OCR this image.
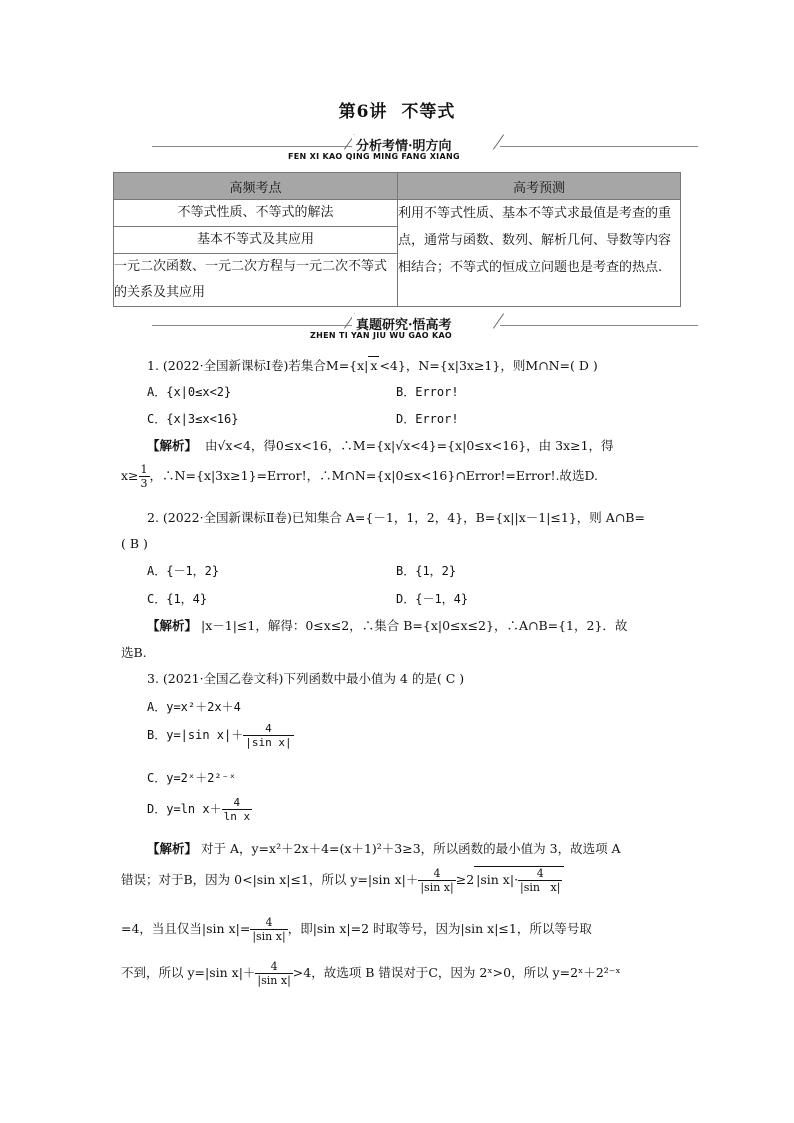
第6讲 不等式
分析考情·明方向
FEN XI KAO QING MING FANG XIANG
高频考点	高考预测
不等式性质、不等式的解法	利用不等式性质、基本不等式求最值是考查的重点，通常与函数、数列、解析几何、导数等内容相结合；不等式的恒成立问题也是考查的热点.
基本不等式及其应用	
一元二次函数、一元二次方程与一元二次不等式的关系及其应用	
真题研究·悟高考
ZHEN TI YAN JIU WU GAO KAO
1. (2022·全国新课标Ⅰ卷)若集合M={x| x <4}，N={x|3x≥1}，则M∩N=( D )
A．{x|0≤x<2}	B．Error!
C．{x|3≤x<16}	D．Error!
【解析】 由√x<4，得0≤x<16，∴M={x|√x<4}={x|0≤x<16}，由 3x≥1，得
$x\ge \frac{1}{3}$ ，∴N={x|3x≥1}=Error!，∴M∩N={x|0≤x<16}∩Error!=Error!.故选D.
2. (2022·全国新课标Ⅱ卷)已知集合 A={－1，1，2，4}，B={x||x－1|≤1}，则 A∩B=
( B )
A．{－1，2}	B．{1，2}
C．{1，4}	D．{－1，4}
【解析】 |x－1|≤1，解得：0≤x≤2，∴集合 B={x|0≤x≤2}，∴A∩B={1，2}．故
选B.
3. (2021·全国乙卷文科)下列函数中最小值为 4 的是( C )
A．y=x²＋2x＋4
B．y=|sin $x|+ \frac{4}{\text{|sin x|}}$
C．y=2ˣ＋2²⁻ˣ
D．y=ln $x+ \frac{4}{\text{ln x}}$
【解析】 对于 A，y=x²＋2x＋4=(x＋1)²＋3≥3，所以函数的最小值为 3，故选项 A
错误；对于B，因为 0<|sin x|≤1，所以 y=|sin $x|+ \frac{4}{\text{|sin x|}} \ge 2$ |sin $x|\cdot \frac{4}{\text{|sin   x|}}$
=4，当且仅当|sin $x|= \frac{4}{\text{|sin x|}}$ ，即|sin x|=2 时取等号，因为|sin x|≤1，所以等号取
不到，所以 y=|sin $x|+ \frac{4}{\text{|sin x|}} >4$，故选项 B 错误对于C，因为 2ˣ>0，所以 y=2ˣ＋2²⁻ˣ
